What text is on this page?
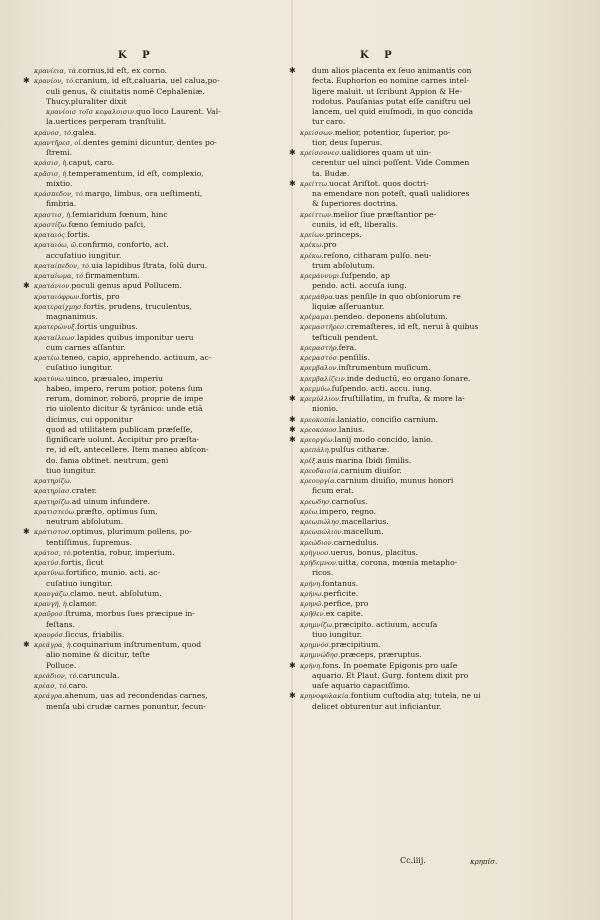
K P	K P
κρανίεια, τὰ.cornus,id eſt, ex corno.
✱ κρανίον, τό.cranium, id eſt,caluaria, uel calua,po-
culi genus, & ciuitatis nomē Cephaleniæ.
Thucy.pluraliter dixit
κρανίοισ τοῖσ κεφαλοισιν.quo loco Laurent. Val-
la.uertices perperam tranſtulit.
κράνοσ, τό.galea.
κραντῆρεσ, οἱ.dentes gemini dicuntur, dentes po-
ſtremi.
κράσισ, ἡ.caput, caro.
κρᾶσισ, ἡ.temperamentum, id eſt, complexio,
mixtio.
κράσπεδον, τό.margo, limbus, ora ueſtimenti,
fimbria.
κραστισ, ἡ.ſemiaridum fœnum, hinc
κραστίζω.fœno ſemiudo paſci,
κραταιός.fortis.
κραταιόω, ῶ.confirmo, conforto, act.
accuſatiuo iungitur.
κραταίπεδον, τό.uia lapidibus ſtrata, ſolū duru.
κραταίωμα, τό.firmamentum.
✱ κρατάνιον.poculi genus apud Pollucem.
κραταιόφρων.fortis, pro
κρατεραίχμησ.fortis, prudens, truculentus,
magnanimus.
κρατερώνυξ.fortis unguibus.
κραταίλεωσ.lapides quibus imponitur ueru
cum carnes aſſantur.
κρατέω.teneo, capio, apprehendo. actiuum, ac-
cuſatiuo iungitur.
κρατύνω.uinco, præualeo, imperiu
habeo, impero, rerum potior, potens ſum
rerum, dominor, roborō, proprie de impe
rio uiolento dicitur & tyrānico: unde etiā
dicimus, cui opponitur
quod ad utilitatem publicam præſeſſe,
ſignificare uolunt. Accipitur pro præſta-
re, id eſt, antecellere. Item maneo abſcon-
do. fama obtinet. neutrum, geni
tiuo iungitur.
κρατηρίζω.
κρατηρίασ.crater.
κρατηρίζω.ad uinum infundere.
κρατιστεύω.præſto, optimus ſum,
neutrum abſolutum.
✱ κράτιστοσ.optimus, plurimum pollens, po-
tentiſſimus, ſupremus.
κράτοσ, τό.potentia, robur, imperium.
κρατύσ.fortis, ſicut
κρατύνω.fortifico, munio. acti. ac-
cuſatiuo iungitur.
κραυγάζω.clamo. neut. abſolutum.
κραυγή, ἡ.clamor.
κραῦροσ.ſtruma, morbus ſues præcipue in-
feſtans.
κραυρόσ.ſiccus, friabilis.
✱ κρεάγρα, ἡ.coquinarium inſtrumentum, quod
alio nomine & dicitur, teſte
Polluce.
κρεάδιον, τό.caruncula.
κρέασ, τό.caro.
κρεάγρα.ahenum, uas ad recondendas carnes,
menſa ubi crudæ carnes ponuntur, ſecun-
✱ dum alios placenta ex ſeuo animantis con
fecta. Euphorion eo nomine carnes intel-
ligere maluit. ut ſcribunt Appion & He-
rodotus. Pauſanias putat eſſe caniſtru uel
lancem, uel quid eiuſmodi, in quo concida
tur caro.
κρείσσων.melior, potentior, ſuperior, po-
tior, deus ſuperus.
✱ κρείσσονεσ.ualidiores quam ut uin-
cerentur uel uinci poſſent. Vide Commen
ta. Budæ.
✱ κρείττω.uocat Ariſtot. quos doctri-
na emendare non poteſt, quaſi ualidiores
& ſuperiores doctrina.
κρείττων.melior ſiue præſtantior pe-
cuniis, id eſt, liberalis.
κρείων.princeps.
κρέκω.pro
κρέκω.reſono, citharam pulſo. neu-
trum abſolutum.
κρεμάννυμι.ſuſpendo, ap
pendo. acti. accuſa iung.
κρεμάθρα.uas penſile in quo obſoniorum re
liquiæ aſſeruantur.
κρέμαμαι.pendeo. deponens abſolutum.
κρεμαστῆρεσ.cremaſteres, id eſt, nerui à quibus
teſticuli pendent.
κρεμαστήρ.fera.
κρεμαστόσ.penſilis.
κρεμβαλον.inſtrumentum muſicum.
κρεμβαλίζειν.inde deductū, eo organo ſonare.
κρεμμύω.ſuſpendo. acti. accu. iung.
✱ κρεμύλλιον.fruſtillatim, in fruſta, & more la-
nionio.
✱ κρεοκοπία.laniatio, conciſio carnium.
✱ κρεοκόποσ.lanius.
✱ κρεοργέω.lanij modo concido, lanio.
κρεπάλη.pulſus citharæ.
κρέξ.auis marina Ibidi ſimilis.
κρεοδαισία.carnium diuiſor.
κρεουργία.carnium diuiſio, munus honori
ficum erat.
κρεωδησ.carnoſus.
κρέω.impero, regno.
κρεωπώλησ.macellarius.
κρεωπώλιον.macellum.
κρεώδιον.carnedulus.
κρήγυοσ.uerus, bonus, placitus.
κρήδεμνον.uitta, corona, mœnia metapho-
ricos.
κρήνη.fontanus.
κρήνω.perficite.
κρηνῶ.perfice, pro
κρῆθεν.ex capite.
κρημνίζω.præcipito. actiuum, accuſa
tiuo iungitur.
κρημνόσ.præcipitium.
κρημνώδησ.præceps, præruptus.
✱ κρήνη.fons. In poemate Epigonis pro uaſe
aquario. Et Plaut. Gurg. fontem dixit pro
uaſe aquario capaciſſimo.
✱ κρηνοφυλακία.fontium cuſtodia atq; tutela, ne ui
delicet obturentur aut inficiantur.
Cc.iiij.	κρηπίσ.
